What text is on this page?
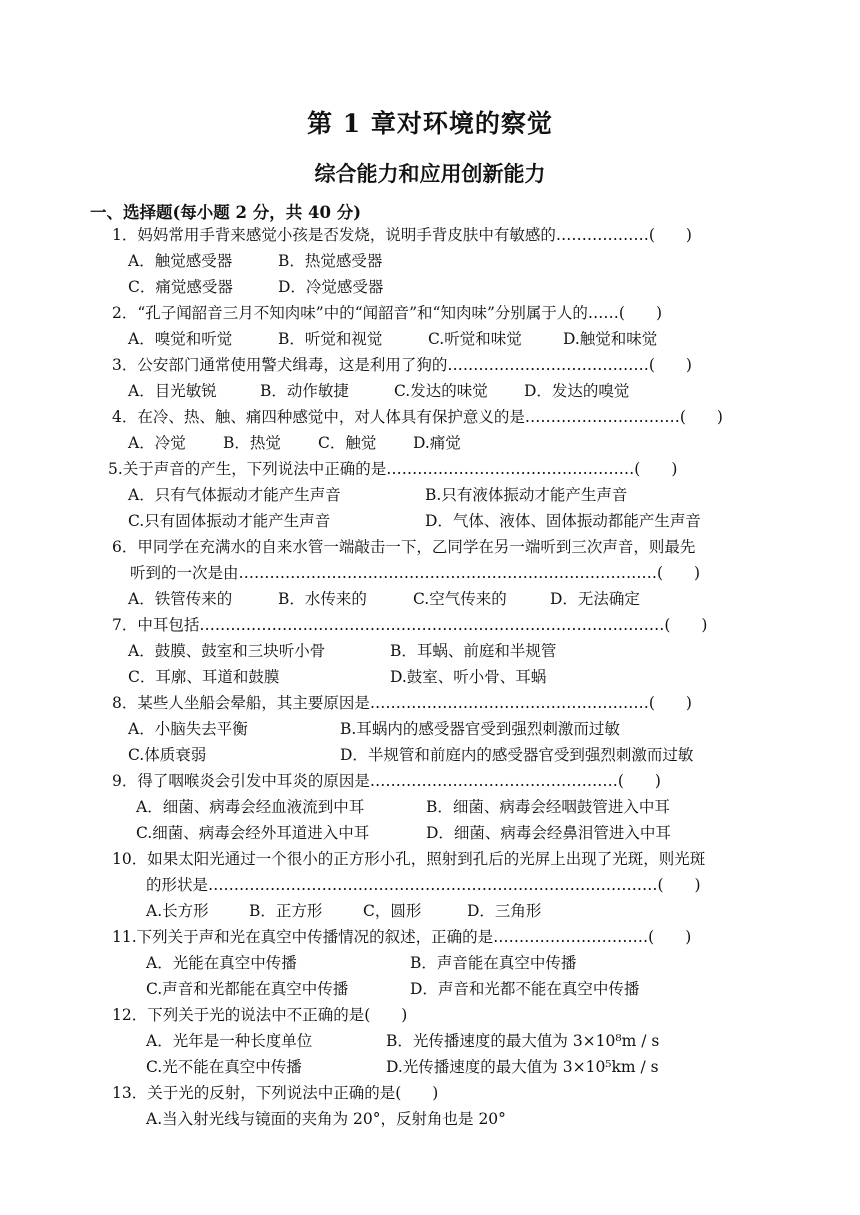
第 1 章对环境的察觉
综合能力和应用创新能力
一、选择题(每小题 2 分，共 40 分)
1．妈妈常用手背来感觉小孩是否发烧，说明手背皮肤中有敏感的………………(　　)
A．触觉感受器	B．热觉感受器
C．痛觉感受器	D．冷觉感受器
2．“孔子闻韶音三月不知肉味”中的“闻韶音”和“知肉味”分别属于人的……(　　)
A．嗅觉和听觉	B．听觉和视觉	C.听觉和味觉	D.触觉和味觉
3．公安部门通常使用警犬缉毒，这是利用了狗的…………………………………(　　)
A．目光敏锐	B．动作敏捷	C.发达的味觉 D．发达的嗅觉
4．在冷、热、触、痛四种感觉中，对人体具有保护意义的是…………………………(　　)
A．冷觉 B．热觉 C．触觉 D.痛觉
5.关于声音的产生，下列说法中正确的是…………………………………………(　　)
A．只有气体振动才能产生声音	B.只有液体振动才能产生声音
C.只有固体振动才能产生声音	D．气体、液体、固体振动都能产生声音
6．甲同学在充满水的自来水管一端敲击一下，乙同学在另一端听到三次声音，则最先
听到的一次是由………………………………………………………………………(　　)
A．铁管传来的	B．水传来的	C.空气传来的	D．无法确定
7．中耳包括………………………………………………………………………………(　　)
A．鼓膜、鼓室和三块听小骨	B．耳蜗、前庭和半规管
C．耳廓、耳道和鼓膜	D.鼓室、听小骨、耳蜗
8．某些人坐船会晕船，其主要原因是………………………………………………(　　)
A．小脑失去平衡	B.耳蜗内的感受器官受到强烈刺激而过敏
C.体质衰弱	D．半规管和前庭内的感受器官受到强烈刺激而过敏
9．得了咽喉炎会引发中耳炎的原因是…………………………………………(　　)
A．细菌、病毒会经血液流到中耳	B．细菌、病毒会经咽鼓管进入中耳
C.细菌、病毒会经外耳道进入中耳	D．细菌、病毒会经鼻泪管进入中耳
10．如果太阳光通过一个很小的正方形小孔，照射到孔后的光屏上出现了光斑，则光斑
的形状是……………………………………………………………………………(　　)
A.长方形	B．正方形	C，圆形	D．三角形
11.下列关于声和光在真空中传播情况的叙述，正确的是…………………………(　　)
A．光能在真空中传播	B．声音能在真空中传播
C.声音和光都能在真空中传播	D．声音和光都不能在真空中传播
12．下列关于光的说法中不正确的是(　　)
A．光年是一种长度单位	B．光传播速度的最大值为 3×10⁸m / s
C.光不能在真空中传播	D.光传播速度的最大值为 3×10⁵km / s
13．关于光的反射，下列说法中正确的是(　　)
A.当入射光线与镜面的夹角为 20°，反射角也是 20°
